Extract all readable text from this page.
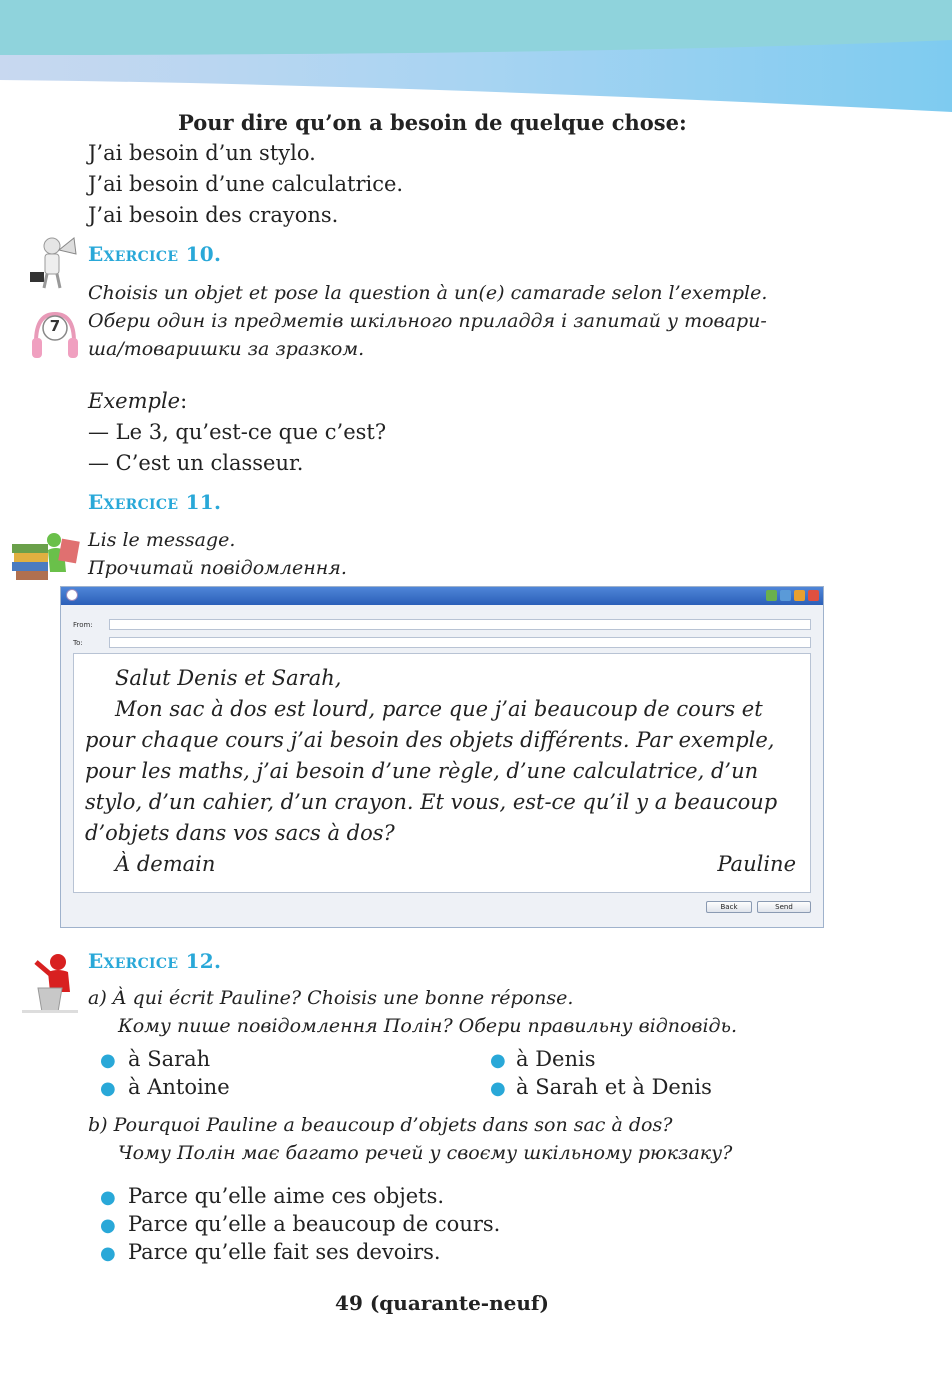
Pour dire qu’on a besoin de quelque chose:
J’ai besoin d’un stylo.
J’ai besoin d’une calculatrice.
J’ai besoin des crayons.
Exercice 10.
Choisis un objet et pose la question à un(e) camarade selon l’exemple.
Обери один із предметів шкільного приладдя і запитай у товари-
ша/товаришки за зразком.
7
Exemple:
— Le 3, qu’est-ce que c’est?
— C’est un classeur.
Exercice 11.
Lis le message.
Прочитай повідомлення.
From:
To:
Salut Denis et Sarah,
Mon sac à dos est lourd, parce que j’ai beaucoup de cours et
pour chaque cours j’ai besoin des objets différents. Par exemple,
pour les maths, j’ai besoin d’une règle, d’une calculatrice, d’un
stylo, d’un cahier, d’un crayon. Et vous, est-ce qu’il y a beaucoup
d’objets dans vos sacs à dos?
À demain	Pauline
Back	Send
Exercice 12.
a) À qui écrit Pauline? Choisis une bonne réponse.
Кому пише повідомлення Полін? Обери правильну відповідь.
● à Sarah	● à Denis
● à Antoine	● à Sarah et à Denis
b) Pourquoi Pauline a beaucoup d’objets dans son sac à dos?
Чому Полін має багато речей у своєму шкільному рюкзаку?
● Parce qu’elle aime ces objets.
● Parce qu’elle a beaucoup de cours.
● Parce qu’elle fait ses devoirs.
49 (quarante-neuf)
